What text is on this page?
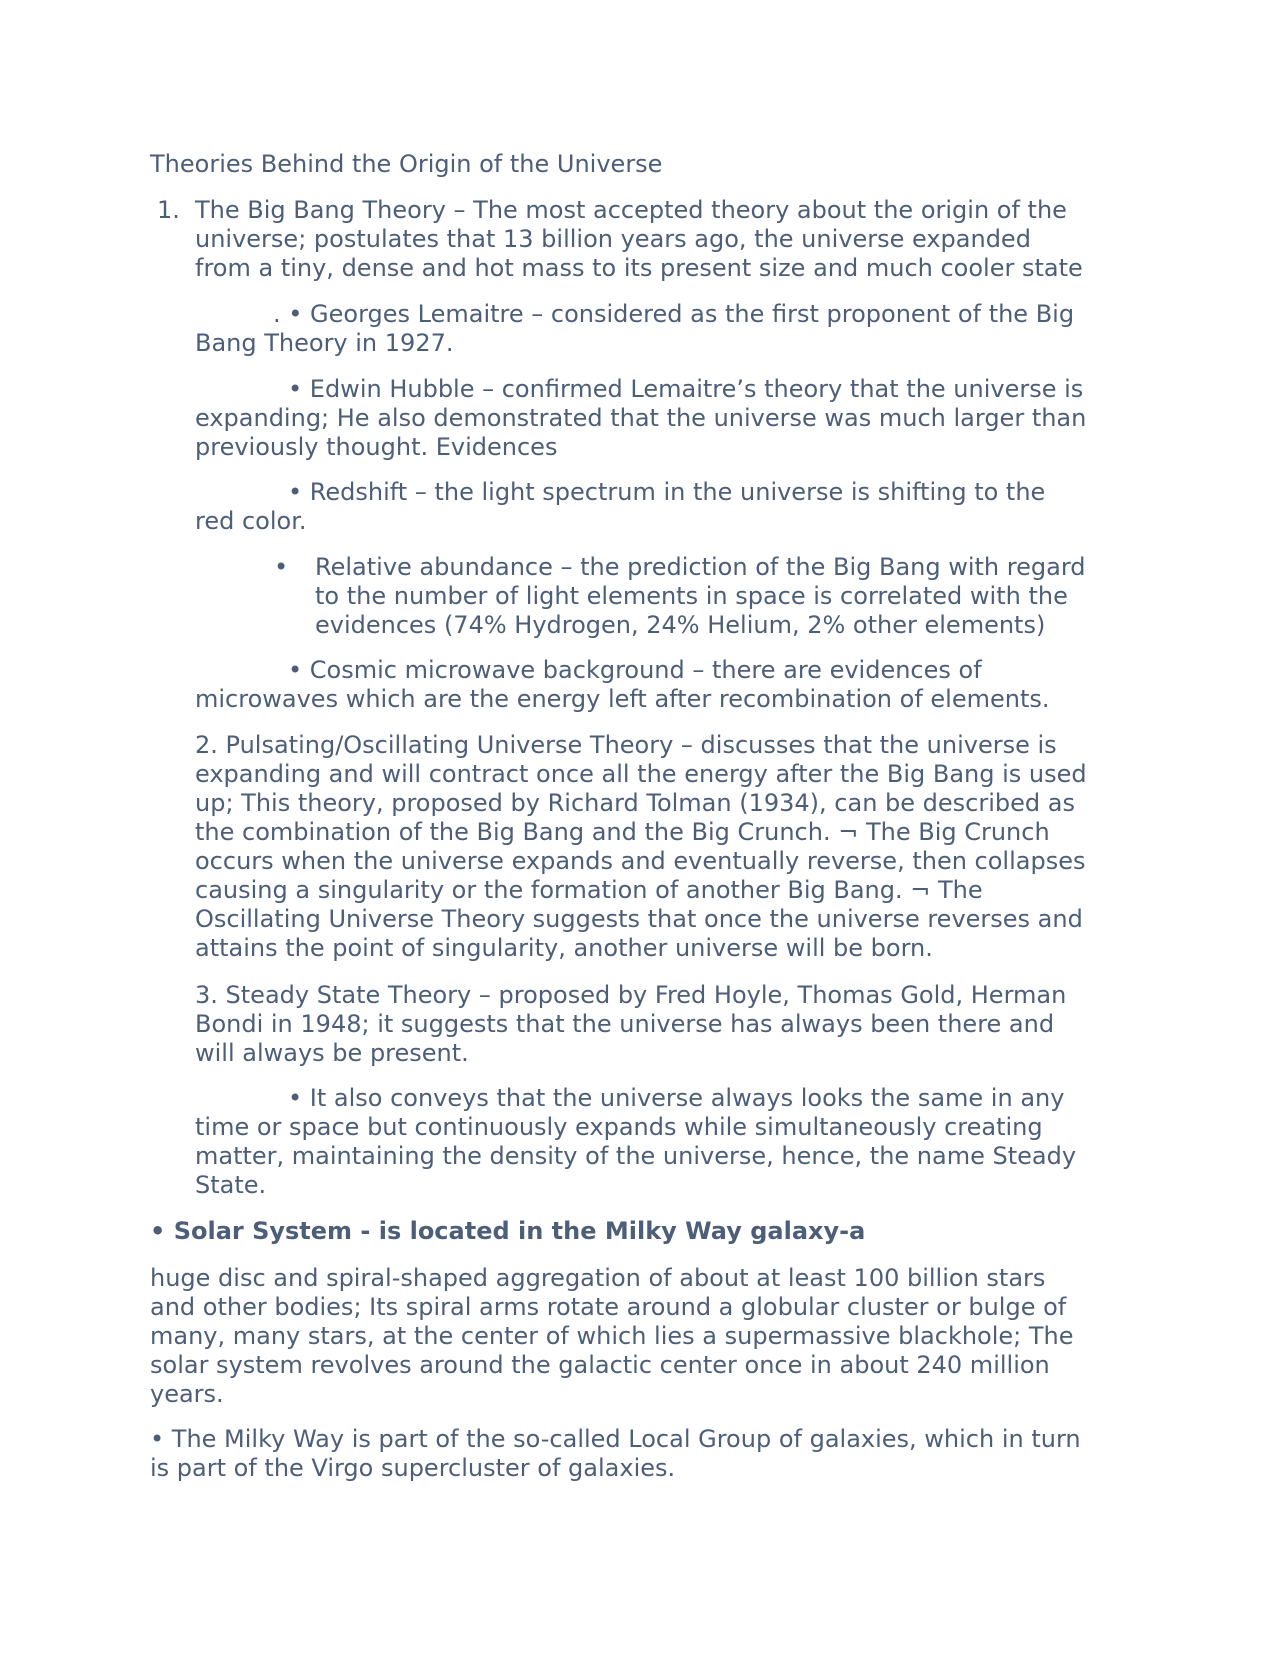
Theories Behind the Origin of the Universe

1. The Big Bang Theory – The most accepted theory about the origin of the

universe; postulates that 13 billion years ago, the universe expanded

from a tiny, dense and hot mass to its present size and much cooler state

. • Georges Lemaitre – considered as the first proponent of the Big

Bang Theory in 1927.

• Edwin Hubble – confirmed Lemaitre’s theory that the universe is

expanding; He also demonstrated that the universe was much larger than

previously thought. Evidences

• Redshift – the light spectrum in the universe is shifting to the

red color.

• Relative abundance – the prediction of the Big Bang with regard

to the number of light elements in space is correlated with the

evidences (74% Hydrogen, 24% Helium, 2% other elements)

• Cosmic microwave background – there are evidences of

microwaves which are the energy left after recombination of elements.

2. Pulsating/Oscillating Universe Theory – discusses that the universe is

expanding and will contract once all the energy after the Big Bang is used

up; This theory, proposed by Richard Tolman (1934), can be described as

the combination of the Big Bang and the Big Crunch. ¬ The Big Crunch

occurs when the universe expands and eventually reverse, then collapses

causing a singularity or the formation of another Big Bang. ¬ The

Oscillating Universe Theory suggests that once the universe reverses and

attains the point of singularity, another universe will be born.

3. Steady State Theory – proposed by Fred Hoyle, Thomas Gold, Herman

Bondi in 1948; it suggests that the universe has always been there and

will always be present.

• It also conveys that the universe always looks the same in any

time or space but continuously expands while simultaneously creating

matter, maintaining the density of the universe, hence, the name Steady

State.

• Solar System - is located in the Milky Way galaxy-a

huge disc and spiral-shaped aggregation of about at least 100 billion stars

and other bodies; Its spiral arms rotate around a globular cluster or bulge of

many, many stars, at the center of which lies a supermassive blackhole; The

solar system revolves around the galactic center once in about 240 million

years.

• The Milky Way is part of the so-called Local Group of galaxies, which in turn

is part of the Virgo supercluster of galaxies.
